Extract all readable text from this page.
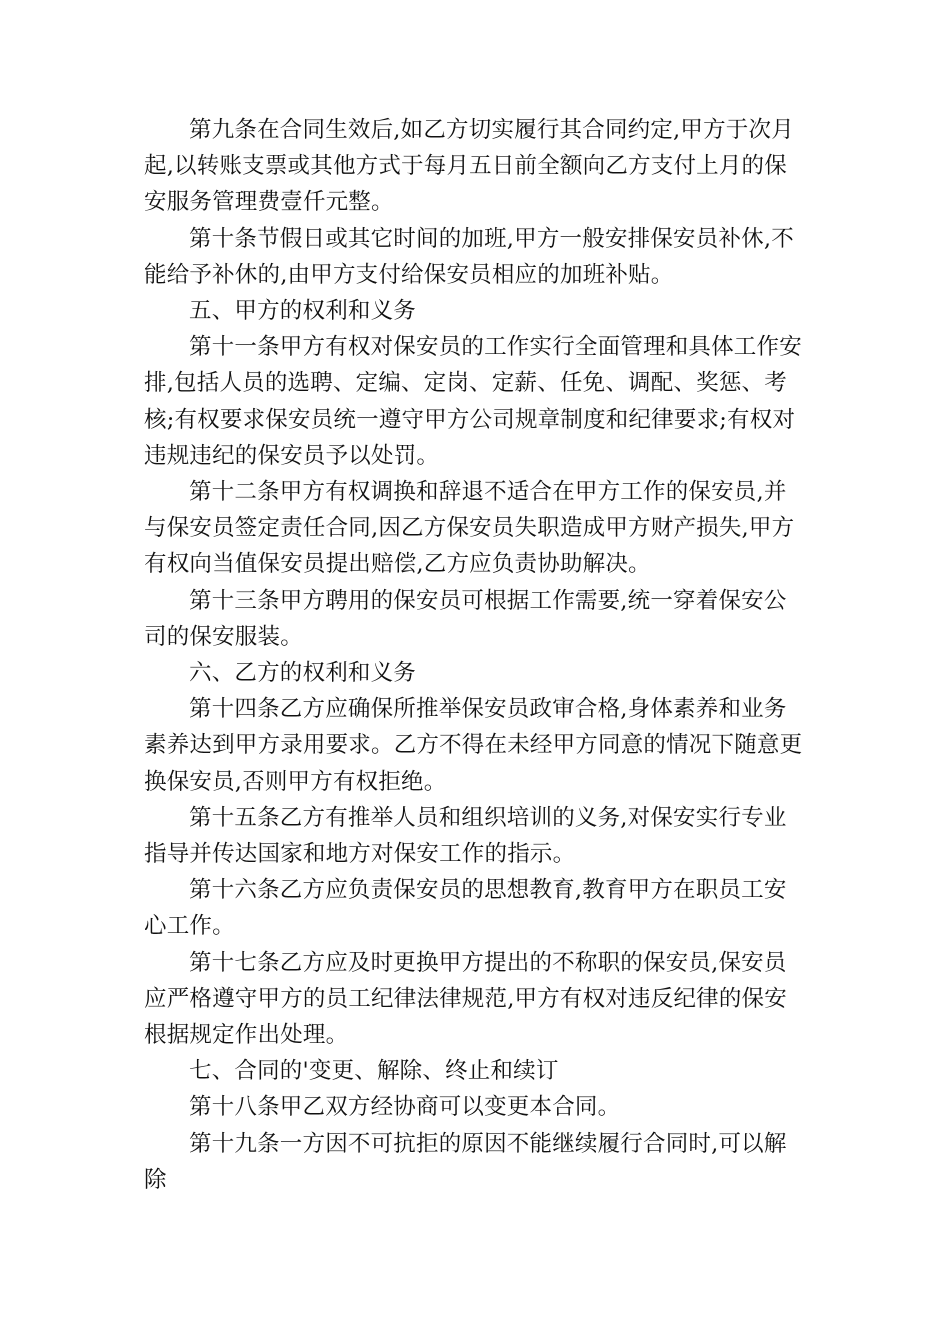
第九条在合同生效后,如乙方切实履行其合同约定,甲方于次月起,以转账支票或其他方式于每月五日前全额向乙方支付上月的保安服务管理费壹仟元整。

第十条节假日或其它时间的加班,甲方一般安排保安员补休,不能给予补休的,由甲方支付给保安员相应的加班补贴。

五、甲方的权利和义务

第十一条甲方有权对保安员的工作实行全面管理和具体工作安排,包括人员的选聘、定编、定岗、定薪、任免、调配、奖惩、考核;有权要求保安员统一遵守甲方公司规章制度和纪律要求;有权对违规违纪的保安员予以处罚。

第十二条甲方有权调换和辞退不适合在甲方工作的保安员,并与保安员签定责任合同,因乙方保安员失职造成甲方财产损失,甲方有权向当值保安员提出赔偿,乙方应负责协助解决。

第十三条甲方聘用的保安员可根据工作需要,统一穿着保安公司的保安服装。

六、乙方的权利和义务

第十四条乙方应确保所推举保安员政审合格,身体素养和业务素养达到甲方录用要求。乙方不得在未经甲方同意的情况下随意更换保安员,否则甲方有权拒绝。

第十五条乙方有推举人员和组织培训的义务,对保安实行专业指导并传达国家和地方对保安工作的指示。

第十六条乙方应负责保安员的思想教育,教育甲方在职员工安心工作。

第十七条乙方应及时更换甲方提出的不称职的保安员,保安员应严格遵守甲方的员工纪律法律规范,甲方有权对违反纪律的保安根据规定作出处理。

七、合同的'变更、解除、终止和续订

第十八条甲乙双方经协商可以变更本合同。

第十九条一方因不可抗拒的原因不能继续履行合同时,可以解除
